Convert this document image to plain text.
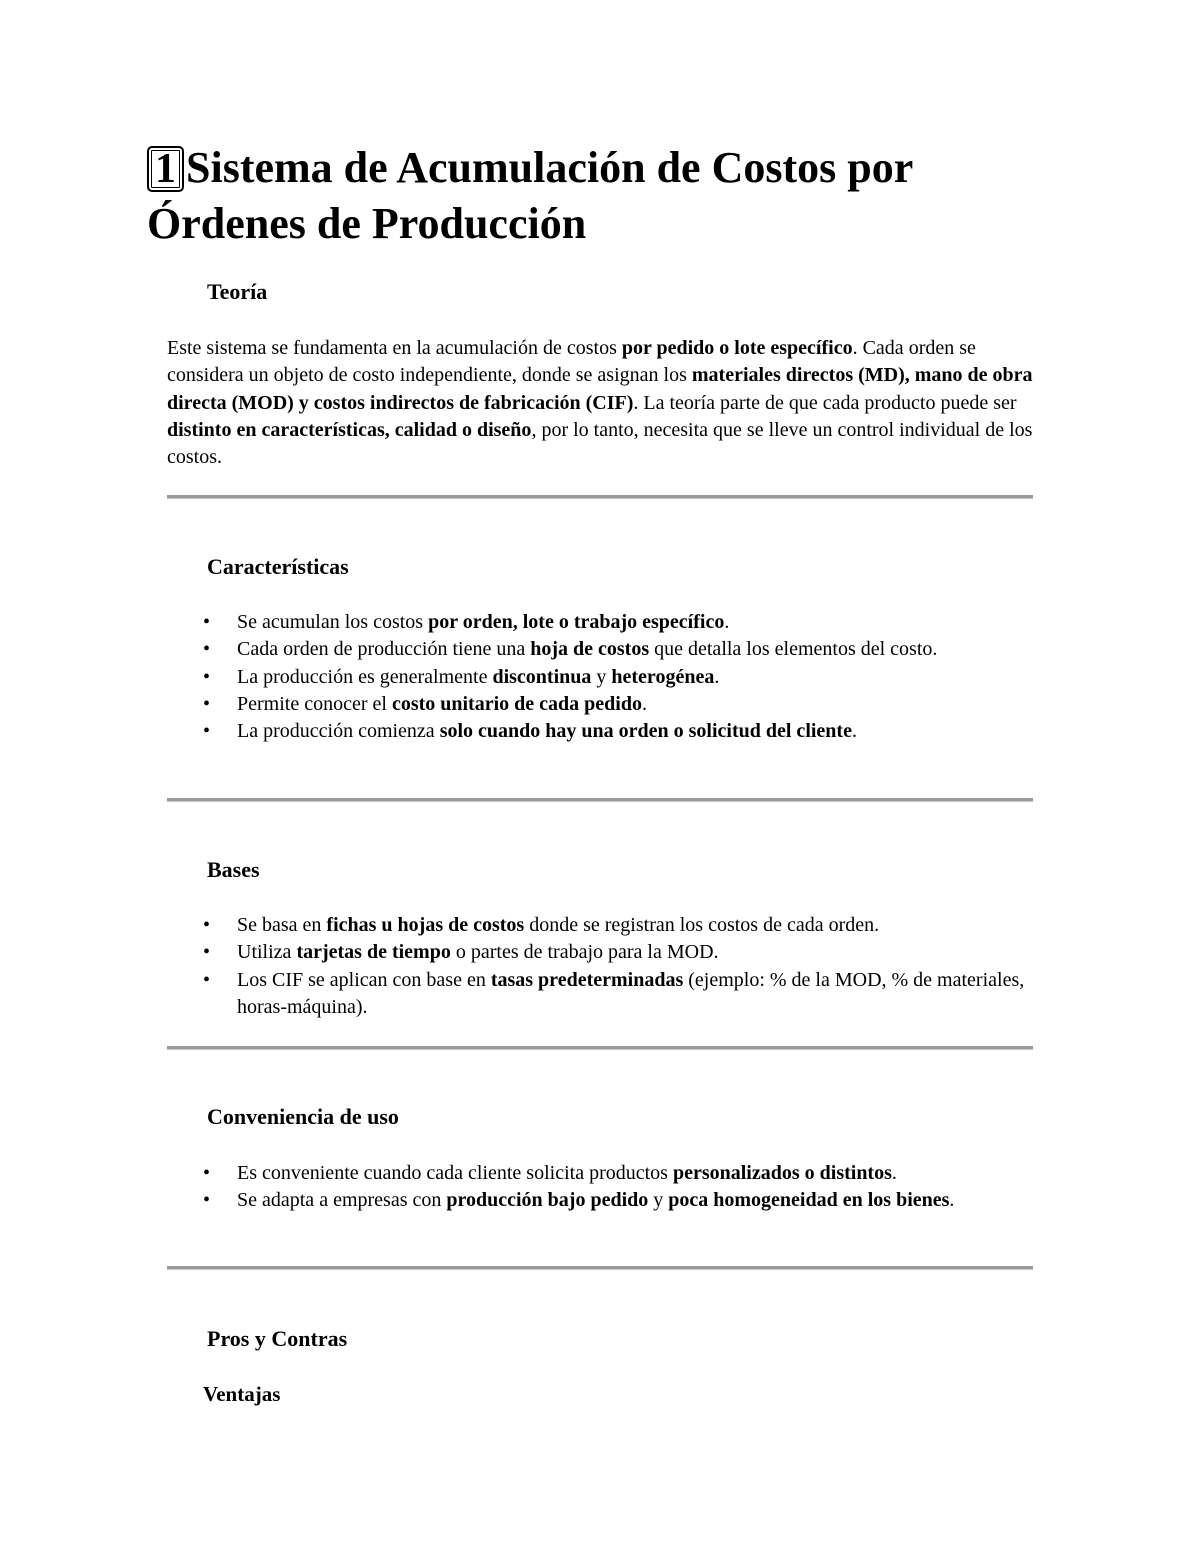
1 Sistema de Acumulación de Costos por Órdenes de Producción
Teoría

Este sistema se fundamenta en la acumulación de costos por pedido o lote específico. Cada orden se considera un objeto de costo independiente, donde se asignan los materiales directos (MD), mano de obra directa (MOD) y costos indirectos de fabricación (CIF). La teoría parte de que cada producto puede ser distinto en características, calidad o diseño, por lo tanto, necesita que se lleve un control individual de los costos.

Características
• Se acumulan los costos por orden, lote o trabajo específico.
• Cada orden de producción tiene una hoja de costos que detalla los elementos del costo.
• La producción es generalmente discontinua y heterogénea.
• Permite conocer el costo unitario de cada pedido.
• La producción comienza solo cuando hay una orden o solicitud del cliente.
Bases
• Se basa en fichas u hojas de costos donde se registran los costos de cada orden.
• Utiliza tarjetas de tiempo o partes de trabajo para la MOD.
• Los CIF se aplican con base en tasas predeterminadas (ejemplo: % de la MOD, % de materiales, horas-máquina).
Conveniencia de uso
• Es conveniente cuando cada cliente solicita productos personalizados o distintos.
• Se adapta a empresas con producción bajo pedido y poca homogeneidad en los bienes.
Pros y Contras
Ventajas
